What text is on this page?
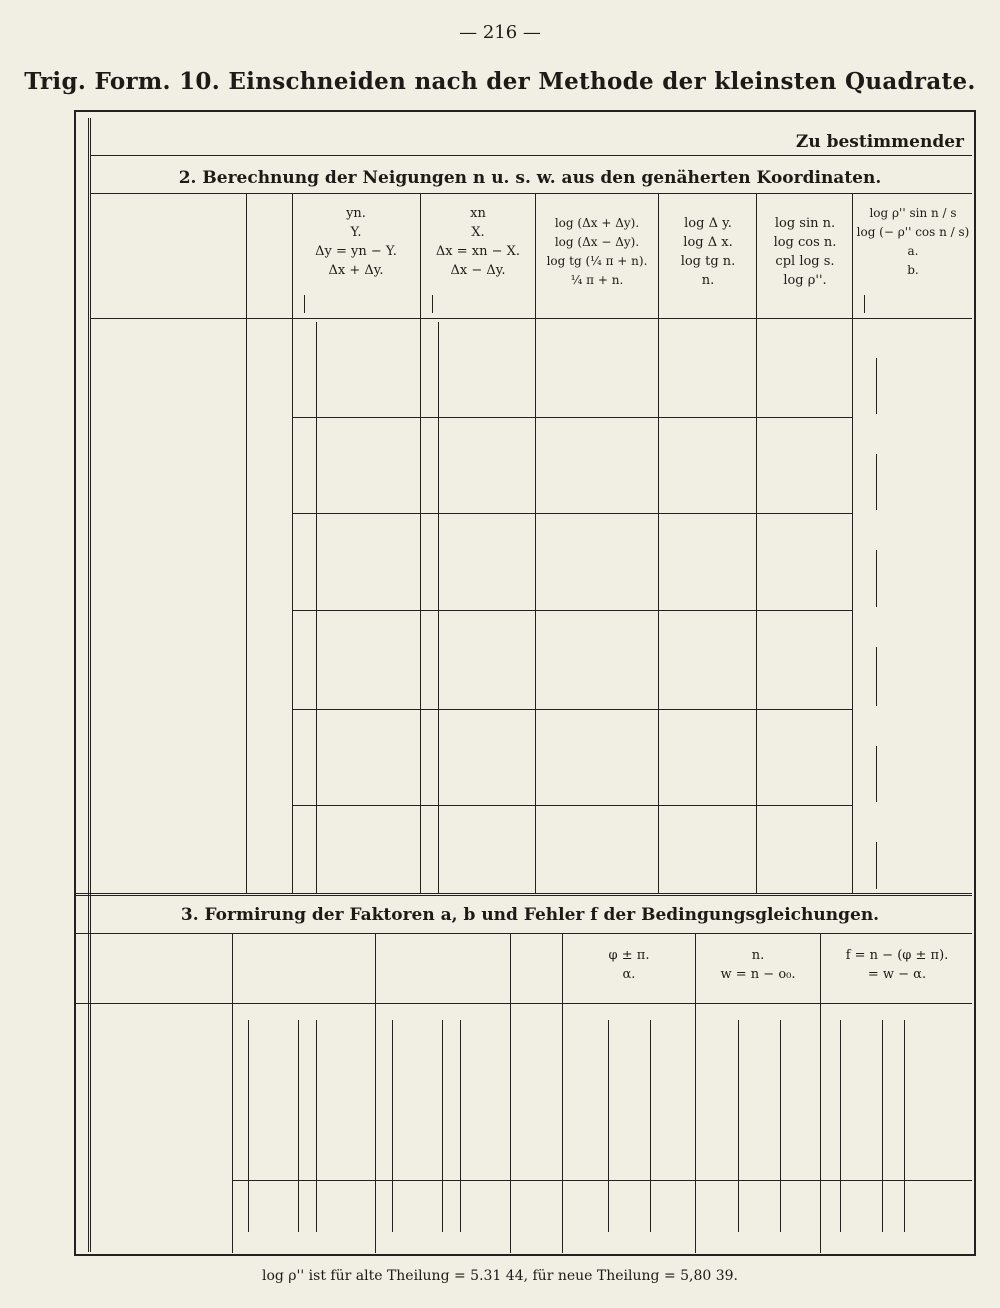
— 216 —
Trig. Form. 10. Einschneiden nach der Methode der kleinsten Quadrate.
Zu bestimmender
2. Berechnung der Neigungen n u. s. w. aus den genäherten Koordinaten.
yn.
Y.
Δy = yn − Y.
Δx + Δy.
xn
X.
Δx = xn − X.
Δx − Δy.
log (Δx + Δy).
log (Δx − Δy).
log tg (¼ π + n).
¼ π + n.
log Δ y.
log Δ x.
log tg n.
n.
log sin n.
log cos n.
cpl log s.
log ρ''.
log ρ'' sin n / s
log (− ρ'' cos n / s)
a.
b.
3. Formirung der Faktoren a, b und Fehler f der Bedingungsgleichungen.
φ ± π.
α.
n.
w = n − o₀.
f = n − (φ ± π).
= w − α.
log ρ'' ist für alte Theilung = 5.31 44, für neue Theilung = 5,80 39.
